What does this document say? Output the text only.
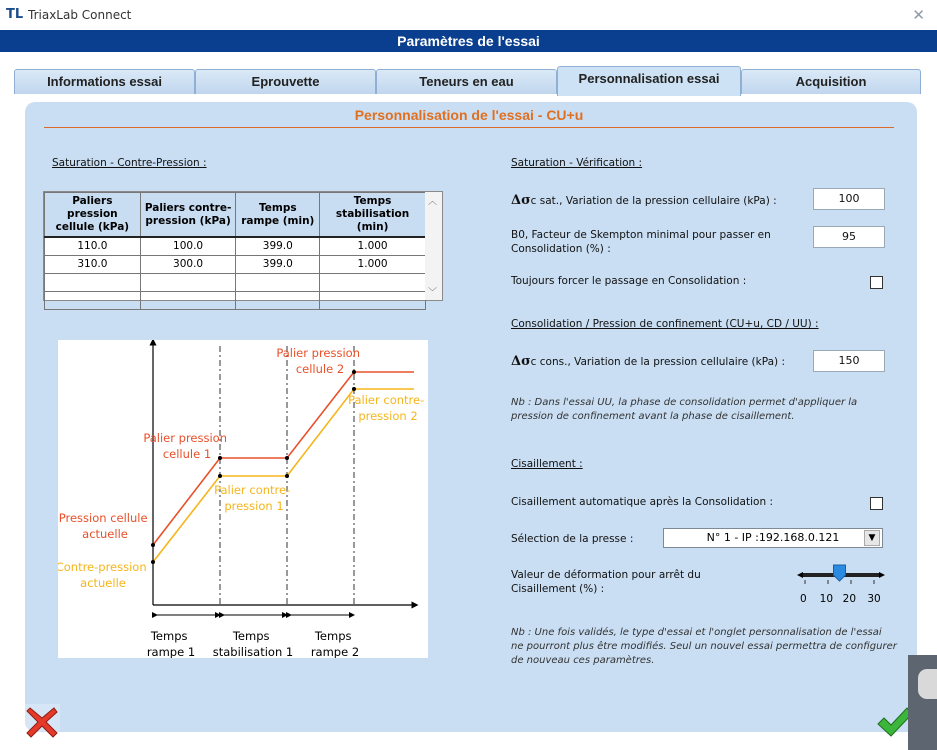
TL TriaxLab Connect	✕
Paramètres de l'essai
Informations essai	Eprouvette	Teneurs en eau	Personnalisation essai	Acquisition
Personnalisation de l'essai - CU+u
Saturation - Contre-Pression :
Paliers pression cellule (kPa)	Paliers contre-pression (kPa)	Temps rampe (min)	Temps stabilisation (min)
110.0	100.0	399.0	1.000
310.0	300.0	399.0	1.000

︿
﹀
Palier pression cellule 2
Palier contre- pression 2
Palier pression cellule 1
Palier contre- pression 1
Pression cellule actuelle
Contre-pression actuelle
Temps rampe 1
Temps stabilisation 1
Temps rampe 2
Saturation - Vérification :
Δσc sat., Variation de la pression cellulaire (kPa) :	100
B0, Facteur de Skempton minimal pour passer en
Consolidation (%) :
95
Toujours forcer le passage en Consolidation :
Consolidation / Pression de confinement (CU+u, CD / UU) :
Δσc cons., Variation de la pression cellulaire (kPa) :	150
Nb : Dans l'essai UU, la phase de consolidation permet d'appliquer la
pression de confinement avant la phase de cisaillement.
Cisaillement :
Cisaillement automatique après la Consolidation :
Sélection de la presse :	N° 1 - IP :192.168.0.121	▼
Valeur de déformation pour arrêt du
Cisaillement (%) :
0 10 20 30
Nb : Une fois validés, le type d'essai et l'onglet personnalisation de l'essai
ne pourront plus être modifiés. Seul un nouvel essai permettra de configurer
de nouveau ces paramètres.
